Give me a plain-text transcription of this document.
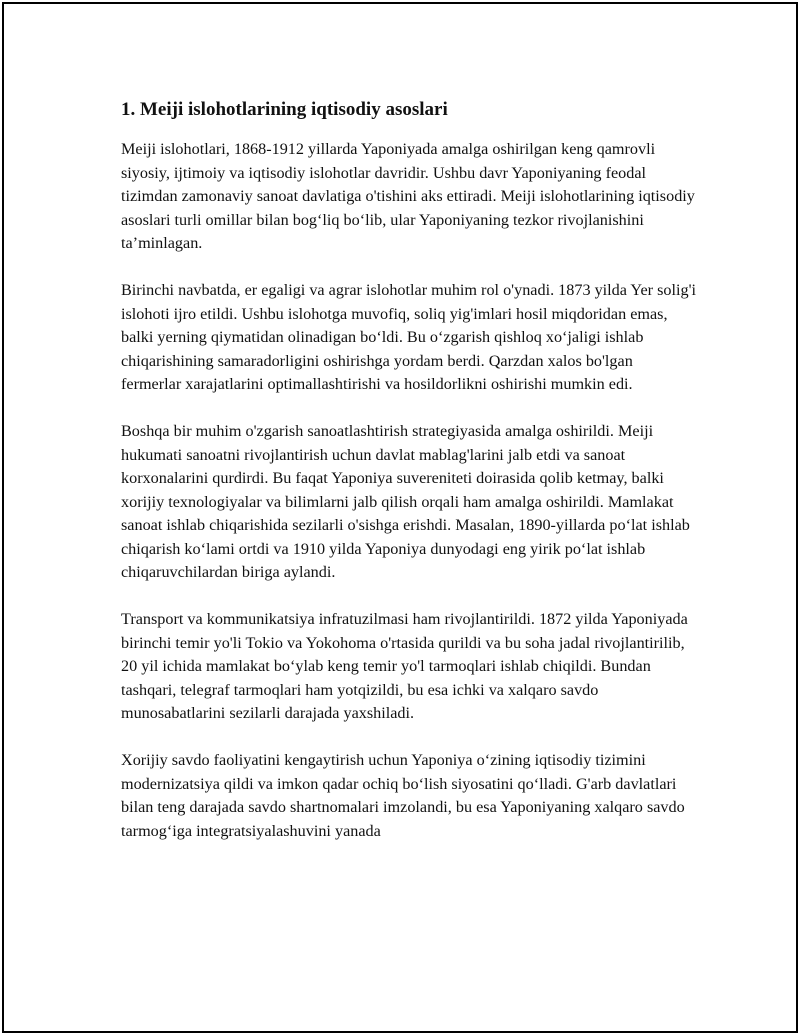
1. Meiji islohotlarining iqtisodiy asoslari

Meiji islohotlari, 1868-1912 yillarda Yaponiyada amalga oshirilgan keng qamrovli siyosiy, ijtimoiy va iqtisodiy islohotlar davridir. Ushbu davr Yaponiyaning feodal tizimdan zamonaviy sanoat davlatiga o'tishini aks ettiradi. Meiji islohotlarining iqtisodiy asoslari turli omillar bilan bog‘liq bo‘lib, ular Yaponiyaning tezkor rivojlanishini ta’minlagan.

Birinchi navbatda, er egaligi va agrar islohotlar muhim rol o'ynadi. 1873 yilda Yer solig'i islohoti ijro etildi. Ushbu islohotga muvofiq, soliq yig'imlari hosil miqdoridan emas, balki yerning qiymatidan olinadigan bo‘ldi. Bu o‘zgarish qishloq xo‘jaligi ishlab chiqarishining samaradorligini oshirishga yordam berdi. Qarzdan xalos bo'lgan fermerlar xarajatlarini optimallashtirishi va hosildorlikni oshirishi mumkin edi.

Boshqa bir muhim o'zgarish sanoatlashtirish strategiyasida amalga oshirildi. Meiji hukumati sanoatni rivojlantirish uchun davlat mablag'larini jalb etdi va sanoat korxonalarini qurdirdi. Bu faqat Yaponiya suvereniteti doirasida qolib ketmay, balki xorijiy texnologiyalar va bilimlarni jalb qilish orqali ham amalga oshirildi. Mamlakat sanoat ishlab chiqarishida sezilarli o'sishga erishdi. Masalan, 1890-yillarda po‘lat ishlab chiqarish ko‘lami ortdi va 1910 yilda Yaponiya dunyodagi eng yirik po‘lat ishlab chiqaruvchilardan biriga aylandi.

Transport va kommunikatsiya infratuzilmasi ham rivojlantirildi. 1872 yilda Yaponiyada birinchi temir yo'li Tokio va Yokohoma o'rtasida qurildi va bu soha jadal rivojlantirilib, 20 yil ichida mamlakat bo‘ylab keng temir yo'l tarmoqlari ishlab chiqildi. Bundan tashqari, telegraf tarmoqlari ham yotqizildi, bu esa ichki va xalqaro savdo munosabatlarini sezilarli darajada yaxshiladi.

Xorijiy savdo faoliyatini kengaytirish uchun Yaponiya o‘zining iqtisodiy tizimini modernizatsiya qildi va imkon qadar ochiq bo‘lish siyosatini qo‘lladi. G'arb davlatlari bilan teng darajada savdo shartnomalari imzolandi, bu esa Yaponiyaning xalqaro savdo tarmog‘iga integratsiyalashuvini yanada
